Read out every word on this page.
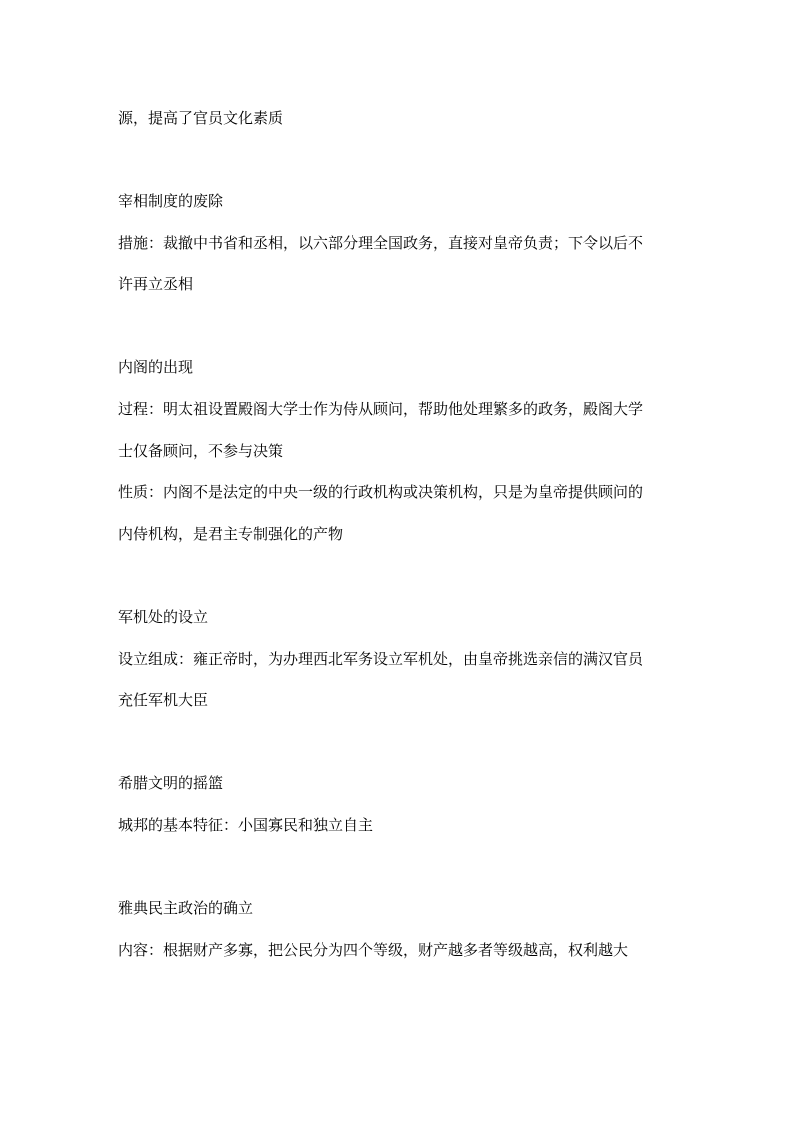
源，提高了官员文化素质
宰相制度的废除
措施：裁撤中书省和丞相，以六部分理全国政务，直接对皇帝负责；下令以后不
许再立丞相
内阁的出现
过程：明太祖设置殿阁大学士作为侍从顾问，帮助他处理繁多的政务，殿阁大学
士仅备顾问，不参与决策
性质：内阁不是法定的中央一级的行政机构或决策机构，只是为皇帝提供顾问的
内侍机构，是君主专制强化的产物
军机处的设立
设立组成：雍正帝时，为办理西北军务设立军机处，由皇帝挑选亲信的满汉官员
充任军机大臣
希腊文明的摇篮
城邦的基本特征：小国寡民和独立自主
雅典民主政治的确立
内容：根据财产多寡，把公民分为四个等级，财产越多者等级越高，权利越大
